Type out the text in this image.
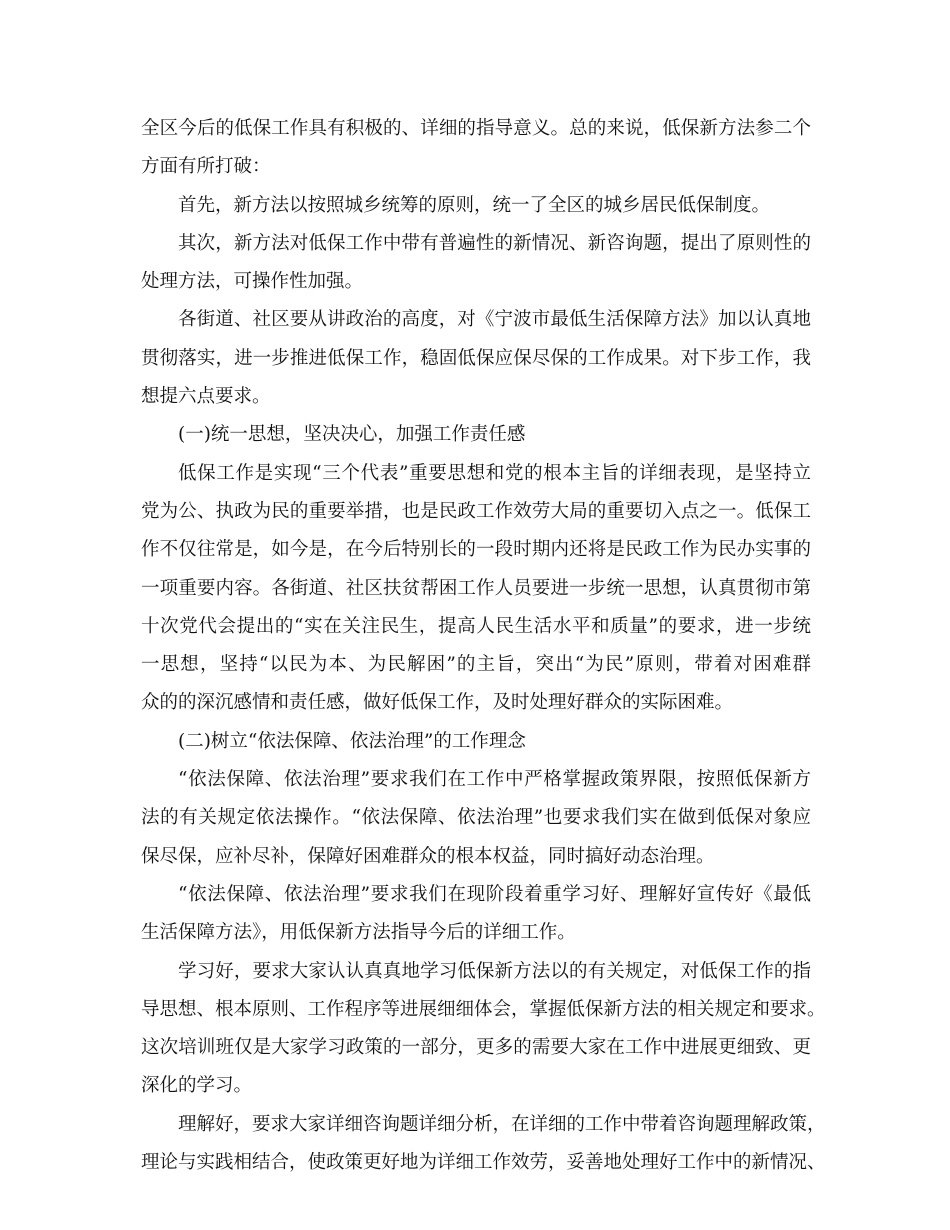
全区今后的低保工作具有积极的、详细的指导意义。总的来说，低保新方法参二个
方面有所打破：
首先，新方法以按照城乡统筹的原则，统一了全区的城乡居民低保制度。
其次，新方法对低保工作中带有普遍性的新情况、新咨询题，提出了原则性的
处理方法，可操作性加强。
各街道、社区要从讲政治的高度，对《宁波市最低生活保障方法》加以认真地
贯彻落实，进一步推进低保工作，稳固低保应保尽保的工作成果。对下步工作，我
想提六点要求。
(一)统一思想，坚决决心，加强工作责任感
低保工作是实现“三个代表”重要思想和党的根本主旨的详细表现，是坚持立
党为公、执政为民的重要举措，也是民政工作效劳大局的重要切入点之一。低保工
作不仅往常是，如今是，在今后特别长的一段时期内还将是民政工作为民办实事的
一项重要内容。各街道、社区扶贫帮困工作人员要进一步统一思想，认真贯彻市第
十次党代会提出的“实在关注民生，提高人民生活水平和质量”的要求，进一步统
一思想，坚持“以民为本、为民解困”的主旨，突出“为民”原则，带着对困难群
众的的深沉感情和责任感，做好低保工作，及时处理好群众的实际困难。
(二)树立“依法保障、依法治理”的工作理念
“依法保障、依法治理”要求我们在工作中严格掌握政策界限，按照低保新方
法的有关规定依法操作。“依法保障、依法治理”也要求我们实在做到低保对象应
保尽保，应补尽补，保障好困难群众的根本权益，同时搞好动态治理。
“依法保障、依法治理”要求我们在现阶段着重学习好、理解好宣传好《最低
生活保障方法》，用低保新方法指导今后的详细工作。
学习好，要求大家认认真真地学习低保新方法以的有关规定，对低保工作的指
导思想、根本原则、工作程序等进展细细体会，掌握低保新方法的相关规定和要求。
这次培训班仅是大家学习政策的一部分，更多的需要大家在工作中进展更细致、更
深化的学习。
理解好，要求大家详细咨询题详细分析，在详细的工作中带着咨询题理解政策，
理论与实践相结合，使政策更好地为详细工作效劳，妥善地处理好工作中的新情况、
